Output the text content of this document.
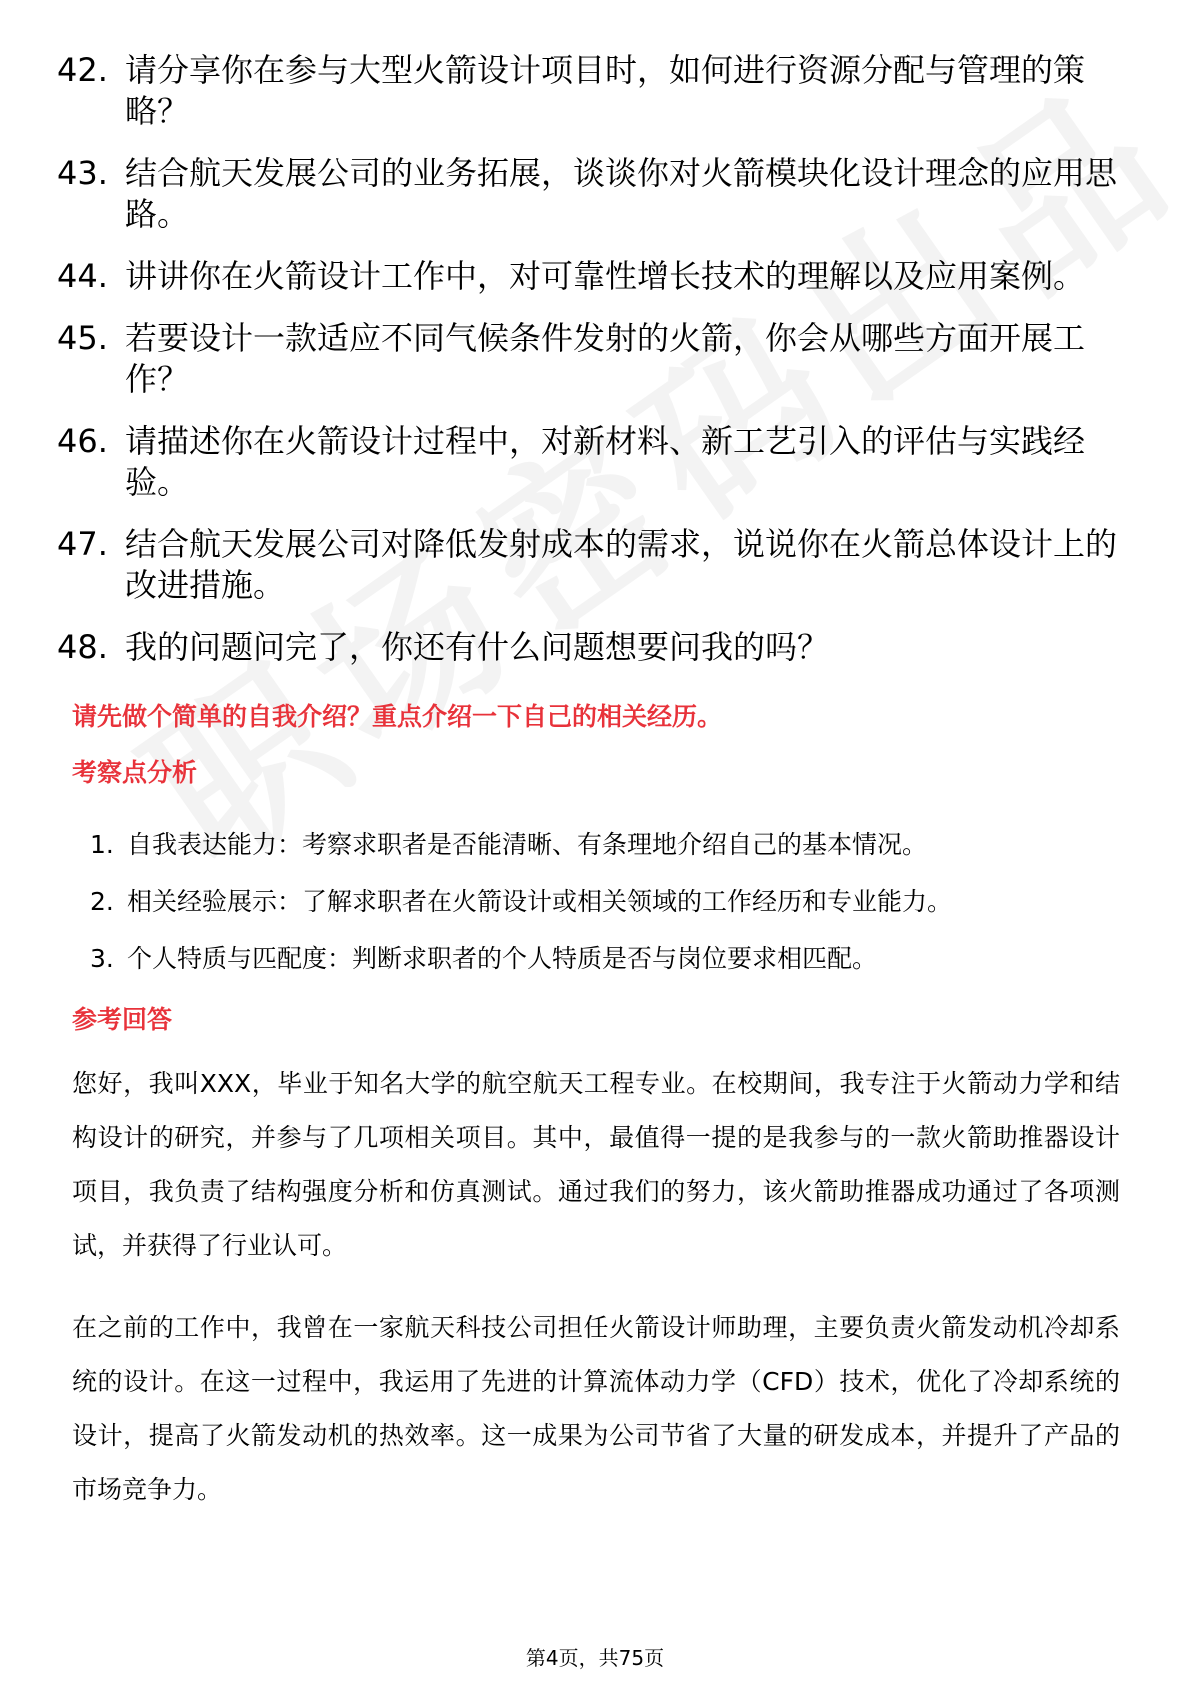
42. 请分享你在参与大型火箭设计项目时，如何进行资源分配与管理的策略？
43. 结合航天发展公司的业务拓展，谈谈你对火箭模块化设计理念的应用思路。
44. 讲讲你在火箭设计工作中，对可靠性增长技术的理解以及应用案例。
45. 若要设计一款适应不同气候条件发射的火箭，你会从哪些方面开展工作？
46. 请描述你在火箭设计过程中，对新材料、新工艺引入的评估与实践经验。
47. 结合航天发展公司对降低发射成本的需求，说说你在火箭总体设计上的改进措施。
48. 我的问题问完了，你还有什么问题想要问我的吗？
请先做个简单的自我介绍？重点介绍一下自己的相关经历。
考察点分析
1. 自我表达能力：考察求职者是否能清晰、有条理地介绍自己的基本情况。
2. 相关经验展示：了解求职者在火箭设计或相关领域的工作经历和专业能力。
3. 个人特质与匹配度：判断求职者的个人特质是否与岗位要求相匹配。
参考回答

您好，我叫XXX，毕业于知名大学的航空航天工程专业。在校期间，我专注于火箭动力学和结构设计的研究，并参与了几项相关项目。其中，最值得一提的是我参与的一款火箭助推器设计项目，我负责了结构强度分析和仿真测试。通过我们的努力，该火箭助推器成功通过了各项测试，并获得了行业认可。

在之前的工作中，我曾在一家航天科技公司担任火箭设计师助理，主要负责火箭发动机冷却系统的设计。在这一过程中，我运用了先进的计算流体动力学（CFD）技术，优化了冷却系统的设计，提高了火箭发动机的热效率。这一成果为公司节省了大量的研发成本，并提升了产品的市场竞争力。

第4页，共75页
